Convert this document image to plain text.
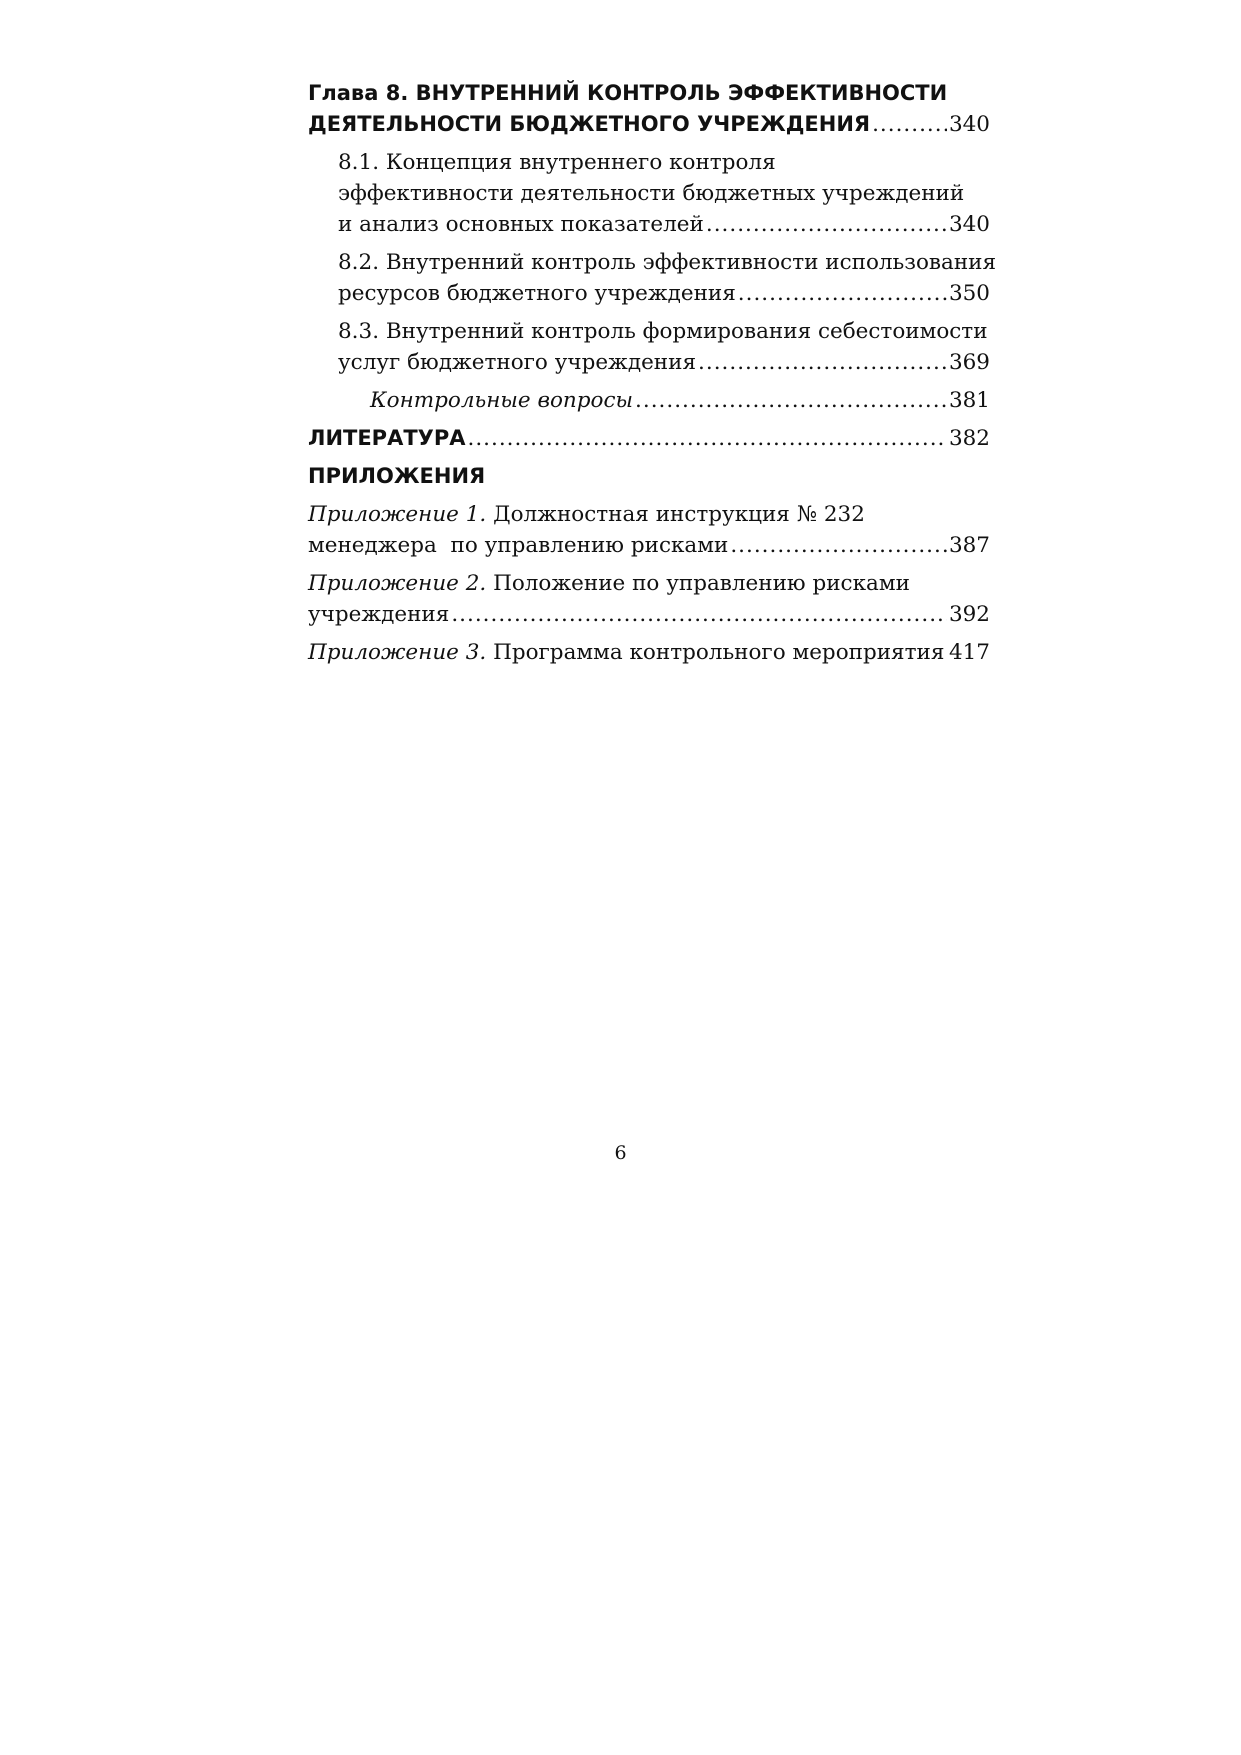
Глава 8. ВНУТРЕННИЙ КОНТРОЛЬ ЭФФЕКТИВНОСТИ
ДЕЯТЕЛЬНОСТИ БЮДЖЕТНОГО УЧРЕЖДЕНИЯ .....	340
8.1. Концепция внутреннего контроля
эффективности деятельности бюджетных учреждений
и анализ основных показателей .....	340
8.2. Внутренний контроль эффективности использования
ресурсов бюджетного учреждения .....	350
8.3. Внутренний контроль формирования себестоимости
услуг бюджетного учреждения .....	369
Контрольные вопросы .....	381
ЛИТЕРАТУРА .....	382
ПРИЛОЖЕНИЯ
Приложение 1. Должностная инструкция № 232
менеджера  по управлению рисками .....	387
Приложение 2. Положение по управлению рисками
учреждения .....	392
Приложение 3. Программа контрольного мероприятия ..... 417
6
